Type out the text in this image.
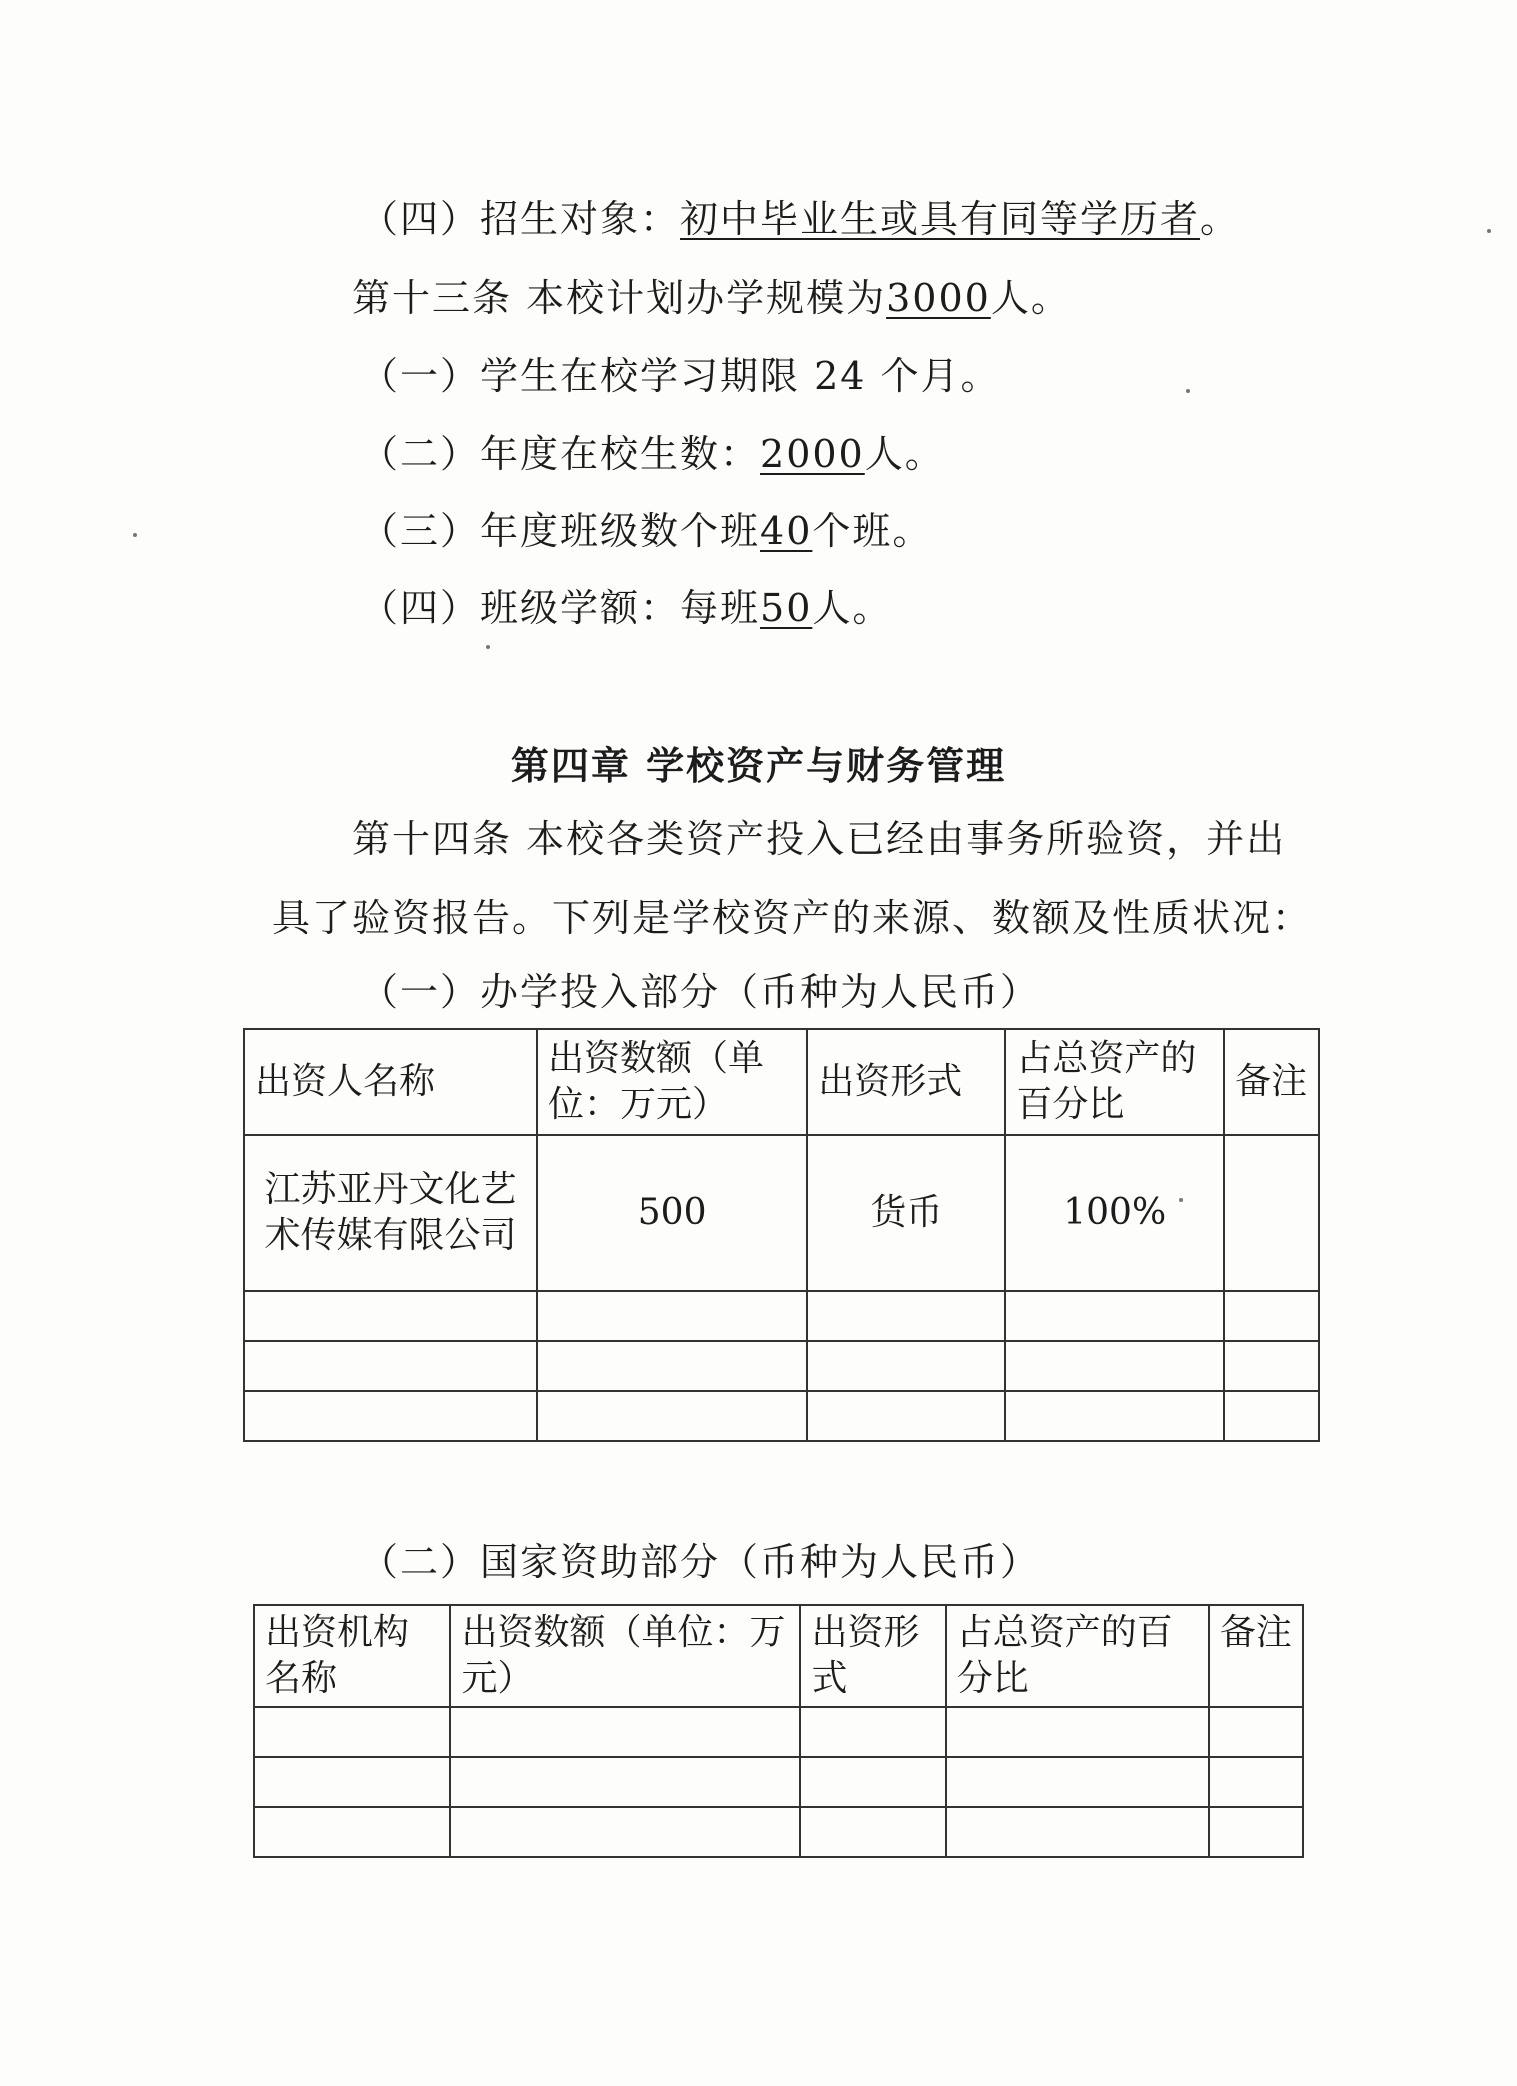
（四）招生对象：初中毕业生或具有同等学历者。
第十三条 本校计划办学规模为3000人。
（一）学生在校学习期限 24 个月。
（二）年度在校生数：2000人。
（三）年度班级数个班40个班。
（四）班级学额：每班50人。
第四章 学校资产与财务管理
第十四条 本校各类资产投入已经由事务所验资，并出
具了验资报告。下列是学校资产的来源、数额及性质状况：
（一）办学投入部分（币种为人民币）
出资人名称	出资数额（单位：万元）	出资形式	占总资产的百分比	备注
江苏亚丹文化艺术传媒有限公司	500	货币	100%	

（二）国家资助部分（币种为人民币）
出资机构名称	出资数额（单位：万元）	出资形式	占总资产的百分比	备注
